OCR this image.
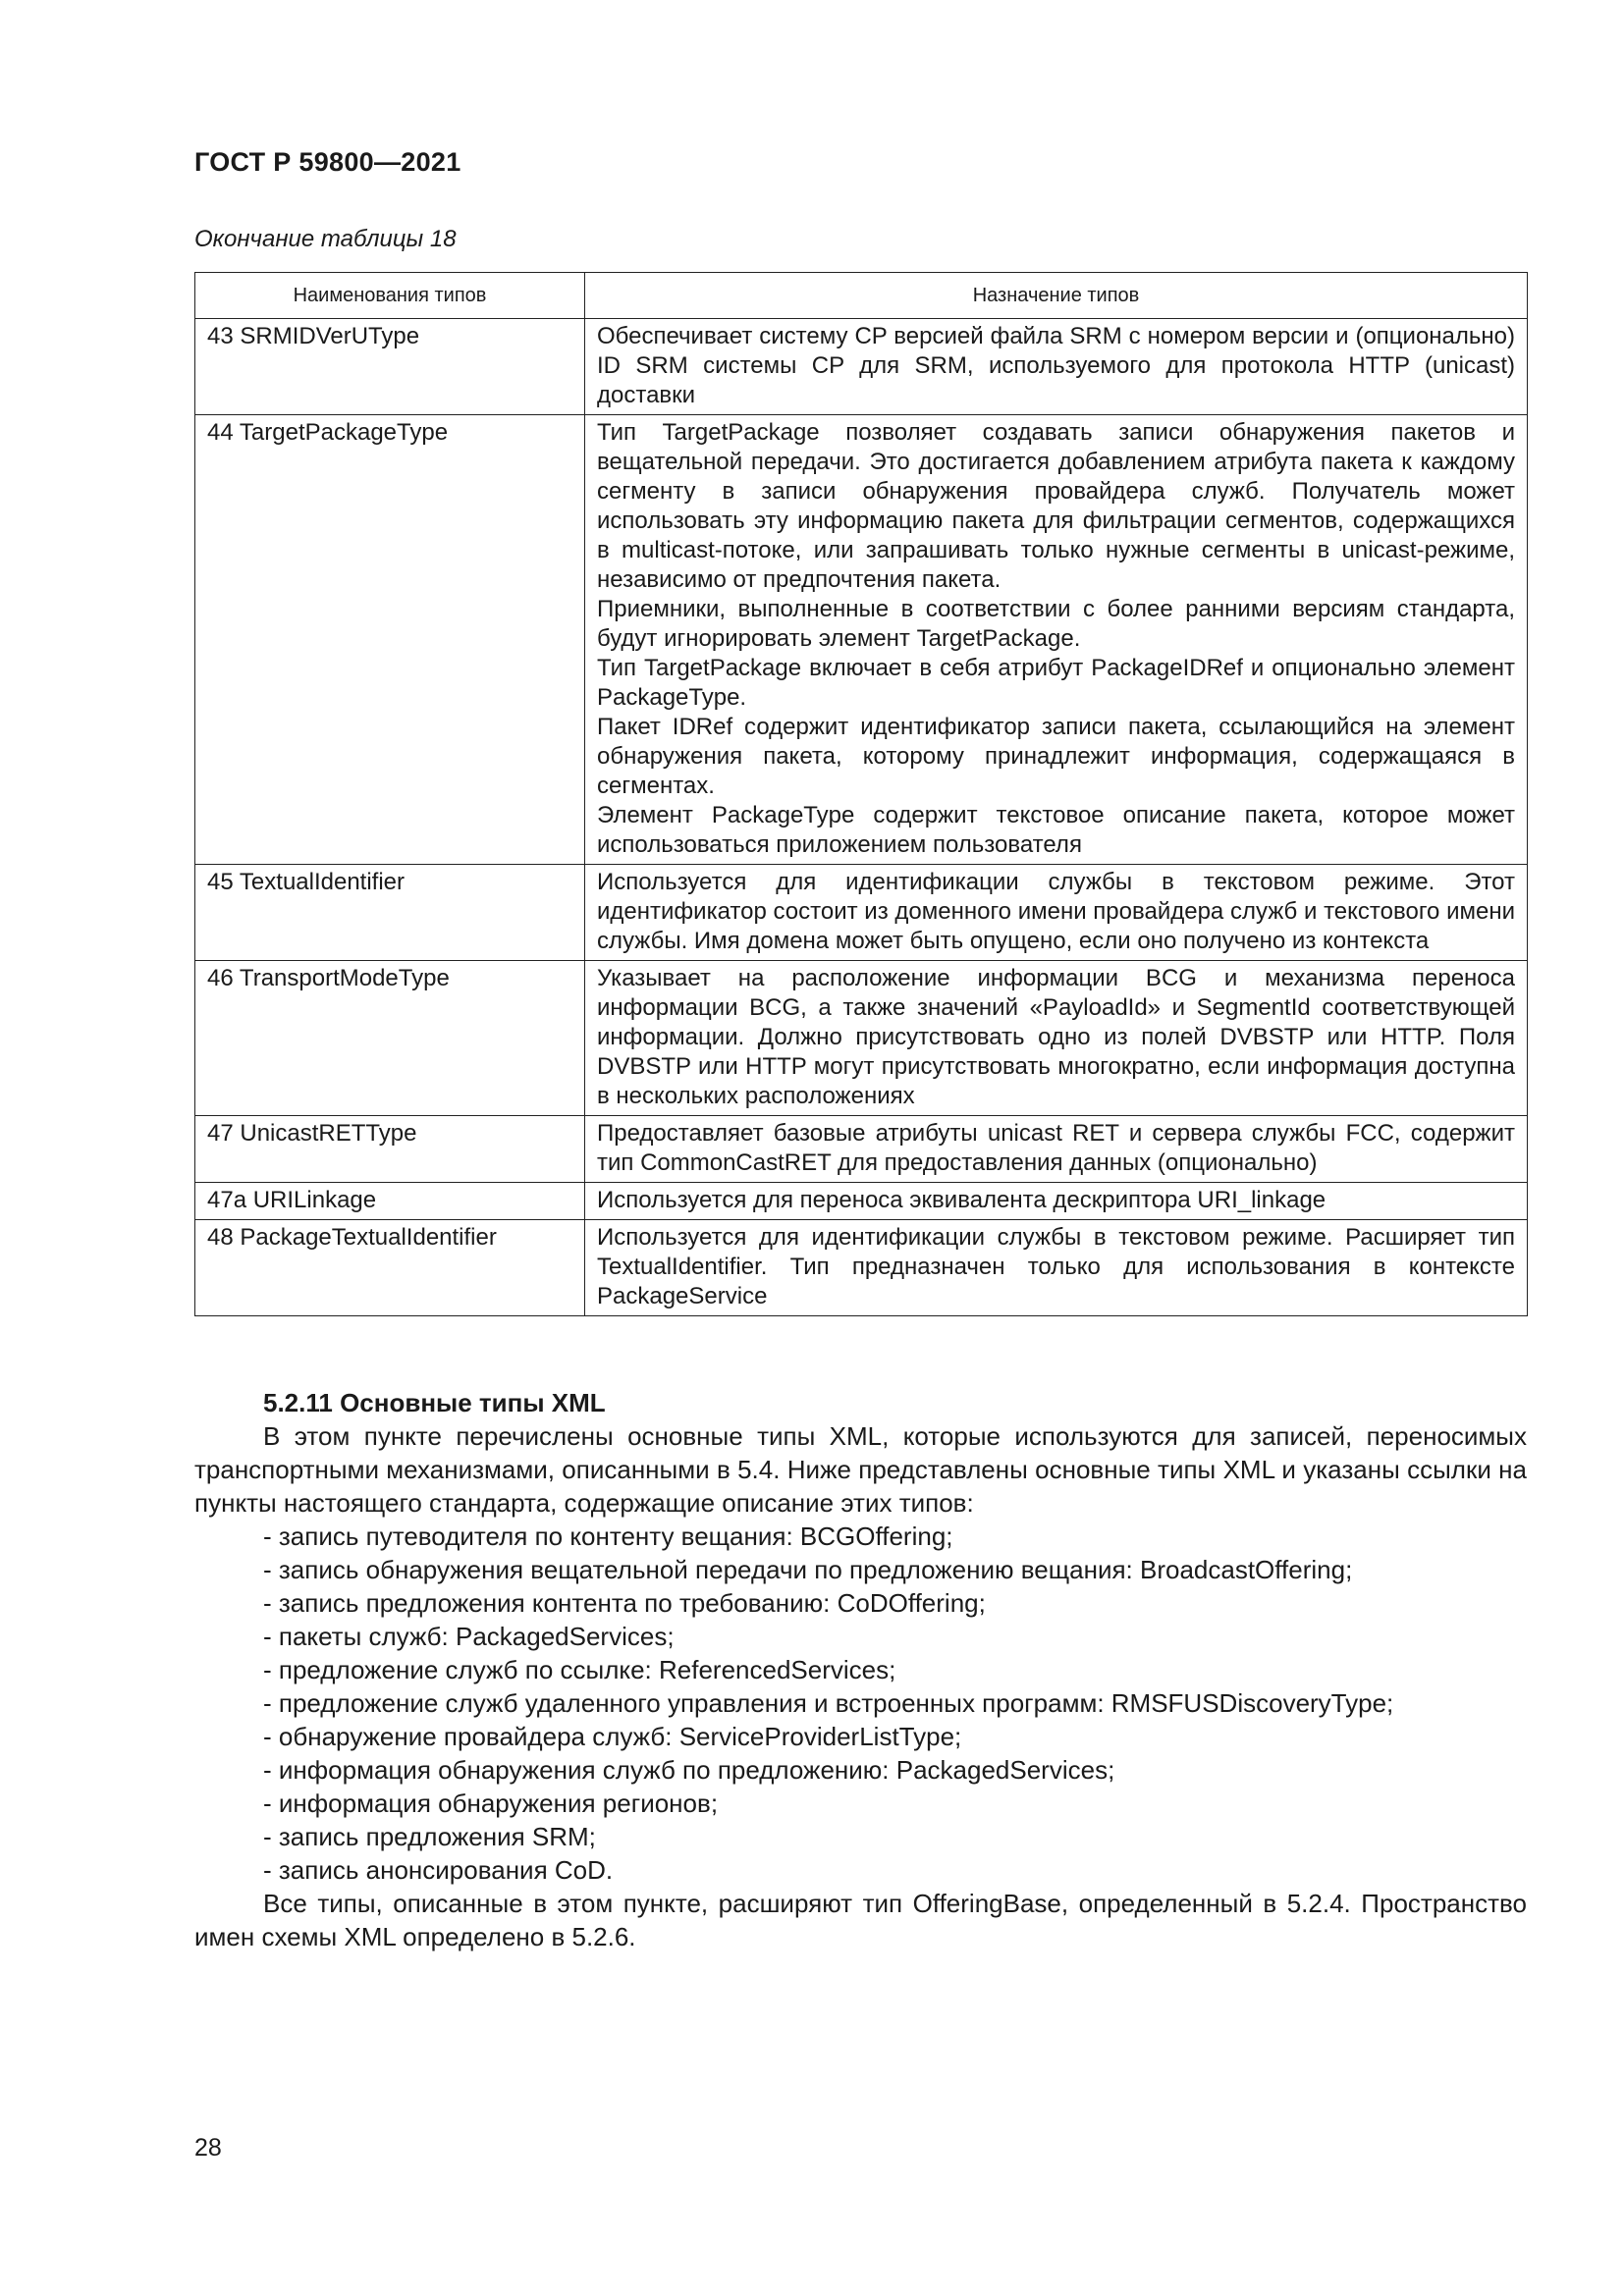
ГОСТ Р 59800—2021
Окончание таблицы 18
Наименования типов	Назначение типов
43 SRMIDVerUType	Обеспечивает систему CP версией файла SRM с номером версии и (опционально) ID SRM системы CP для SRM, используемого для протокола HTTP (unicast) доставки

44 TargetPackageType	Тип TargetPackage позволяет создавать записи обнаружения пакетов и вещательной передачи. Это достигается добавлением атрибута пакета к каждому сегменту в записи обнаружения провайдера служб. Получатель может использовать эту информацию пакета для фильтрации сегментов, содержащихся в multicast-потоке, или запрашивать только нужные сегменты в unicast-режиме, независимо от предпочтения пакета.
Приемники, выполненные в соответствии с более ранними версиям стандарта, будут игнорировать элемент TargetPackage.
Тип TargetPackage включает в себя атрибут PackageIDRef и опционально элемент PackageType.
Пакет IDRef содержит идентификатор записи пакета, ссылающийся на элемент обнаружения пакета, которому принадлежит информация, содержащаяся в сегментах.
Элемент PackageType содержит текстовое описание пакета, которое может использоваться приложением пользователя

45 TextualIdentifier	Используется для идентификации службы в текстовом режиме. Этот идентификатор состоит из доменного имени провайдера служб и текстового имени службы. Имя домена может быть опущено, если оно получено из контекста

46 TransportModeType	Указывает на расположение информации BCG и механизма переноса информации BCG, а также значений «PayloadId» и SegmentId соответствующей информации. Должно присутствовать одно из полей DVBSTP или HTTP. Поля DVBSTP или HTTP могут присутствовать многократно, если информация доступна в нескольких расположениях

47 UnicastRETType	Предоставляет базовые атрибуты unicast RET и сервера службы FCC, содержит тип CommonCastRET для предоставления данных (опционально)

47a URILinkage	Используется для переноса эквивалента дескриптора URI_linkage

48 PackageTextualIdentifier	Используется для идентификации службы в текстовом режиме. Расширяет тип TextualIdentifier. Тип предназначен только для использования в контексте PackageService
5.2.11 Основные типы XML

В этом пункте перечислены основные типы XML, которые используются для записей, переносимых транспортными механизмами, описанными в 5.4. Ниже представлены основные типы XML и указаны ссылки на пункты настоящего стандарта, содержащие описание этих типов:

- запись путеводителя по контенту вещания: BCGOffering;
- запись обнаружения вещательной передачи по предложению вещания: BroadcastOffering;
- запись предложения контента по требованию: CoDOffering;
- пакеты служб: PackagedServices;
- предложение служб по ссылке: ReferencedServices;
- предложение служб удаленного управления и встроенных программ: RMSFUSDiscoveryType;
- обнаружение провайдера служб: ServiceProviderListType;
- информация обнаружения служб по предложению: PackagedServices;
- информация обнаружения регионов;
- запись предложения SRM;
- запись анонсирования CoD.

Все типы, описанные в этом пункте, расширяют тип OfferingBase, определенный в 5.2.4. Пространство имен схемы XML определено в 5.2.6.

28
